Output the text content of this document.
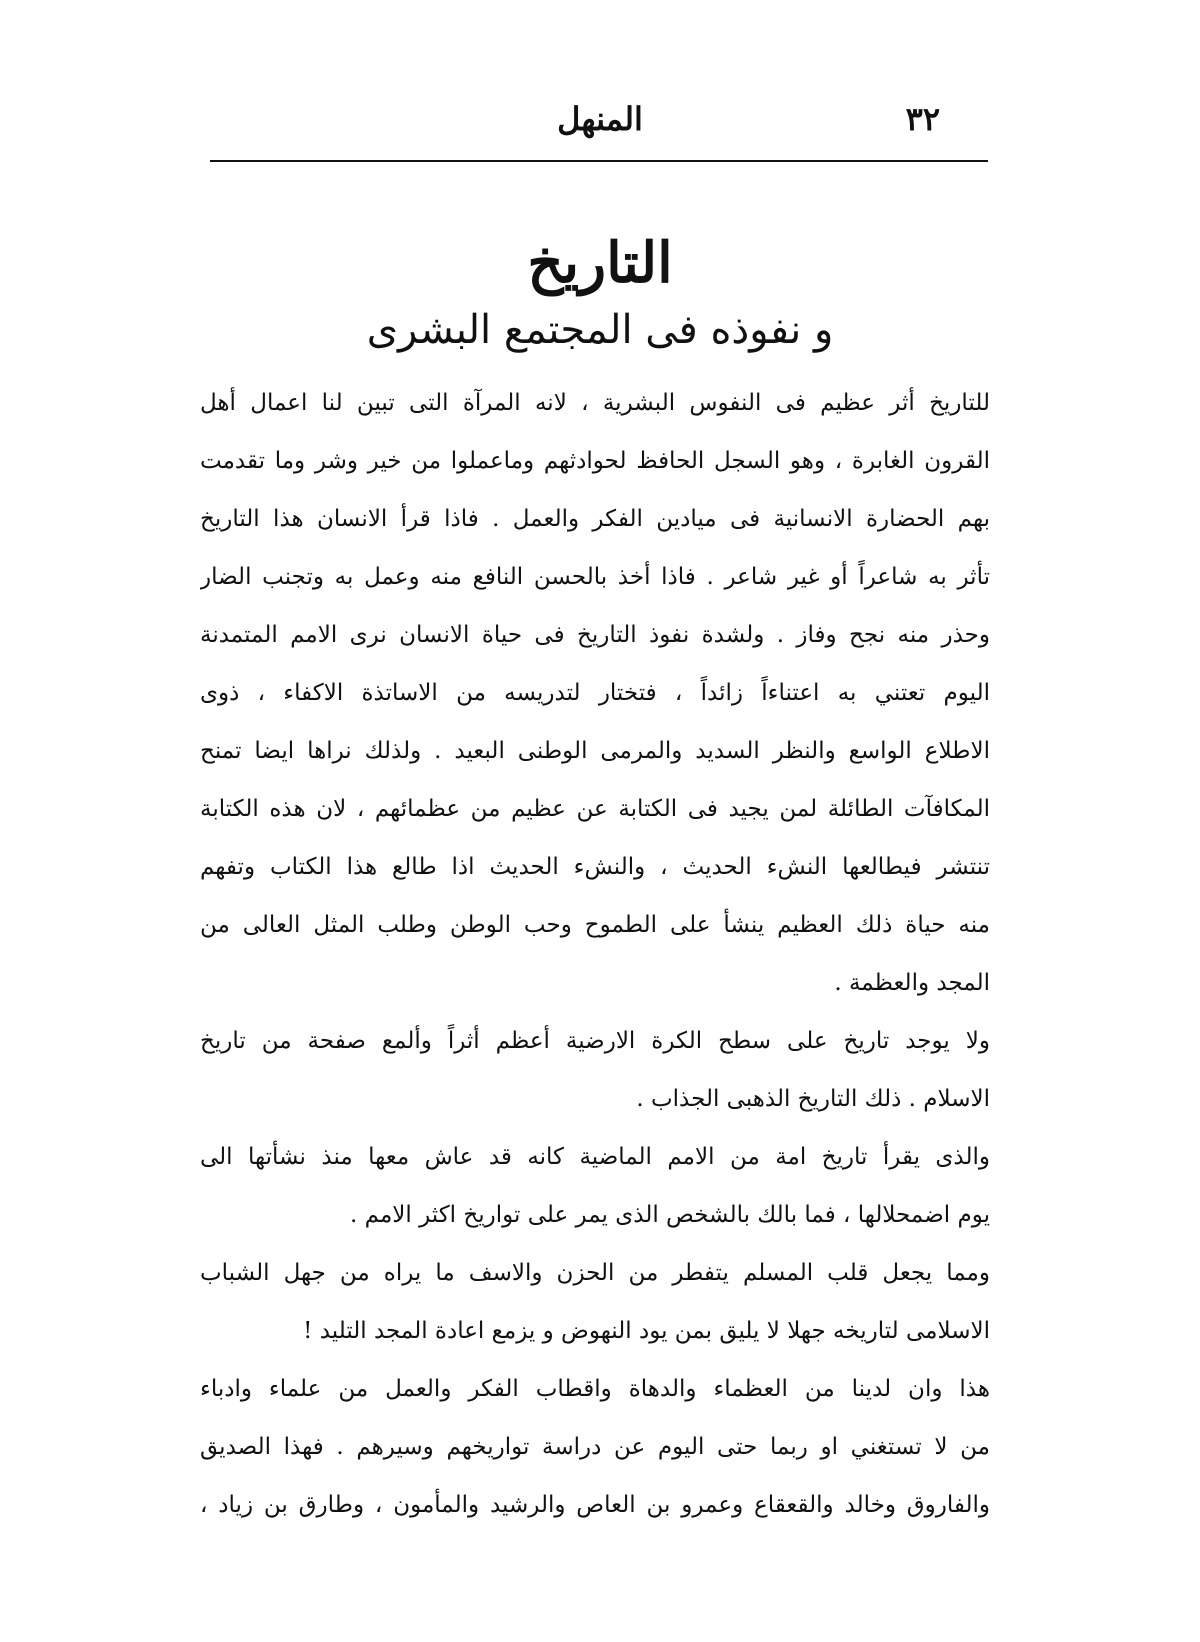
٣٢
المنهل
التاريخ
و نفوذه فى المجتمع البشرى
للتاريخ أثر عظيم فى النفوس البشرية ، لانه المرآة التى تبين لنا اعمال أهل
القرون الغابرة ، وهو السجل الحافظ لحوادثهم وماعملوا من خير وشر وما تقدمت
بهم الحضارة الانسانية فى ميادين الفكر والعمل . فاذا قرأ الانسان هذا التاريخ
تأثر به شاعراً أو غير شاعر . فاذا أخذ بالحسن النافع منه وعمل به وتجنب الضار
وحذر منه نجح وفاز . ولشدة نفوذ التاريخ فى حياة الانسان نرى الامم المتمدنة
اليوم تعتني به اعتناءاً زائداً ، فتختار لتدريسه من الاساتذة الاكفاء ، ذوى
الاطلاع الواسع والنظر السديد والمرمى الوطنى البعيد . ولذلك نراها ايضا تمنح
المكافآت الطائلة لمن يجيد فى الكتابة عن عظيم من عظمائهم ، لان هذه الكتابة
تنتشر فيطالعها النشء الحديث ، والنشء الحديث اذا طالع هذا الكتاب وتفهم
منه حياة ذلك العظيم ينشأ على الطموح وحب الوطن وطلب المثل العالى من
المجد والعظمة .
ولا يوجد تاريخ على سطح الكرة الارضية أعظم أثراً وألمع صفحة من تاريخ
الاسلام . ذلك التاريخ الذهبى الجذاب .
والذى يقرأ تاريخ امة من الامم الماضية كانه قد عاش معها منذ نشأتها الى
يوم اضمحلالها ، فما بالك بالشخص الذى يمر على تواريخ اكثر الامم .
ومما يجعل قلب المسلم يتفطر من الحزن والاسف ما يراه من جهل الشباب
الاسلامى لتاريخه جهلا لا يليق بمن يود النهوض و يزمع اعادة المجد التليد !
هذا وان لدينا من العظماء والدهاة واقطاب الفكر والعمل من علماء وادباء
من لا تستغني او ربما حتى اليوم عن دراسة تواريخهم وسيرهم . فهذا الصديق
والفاروق وخالد والقعقاع وعمرو بن العاص والرشيد والمأمون ، وطارق بن زياد ،
